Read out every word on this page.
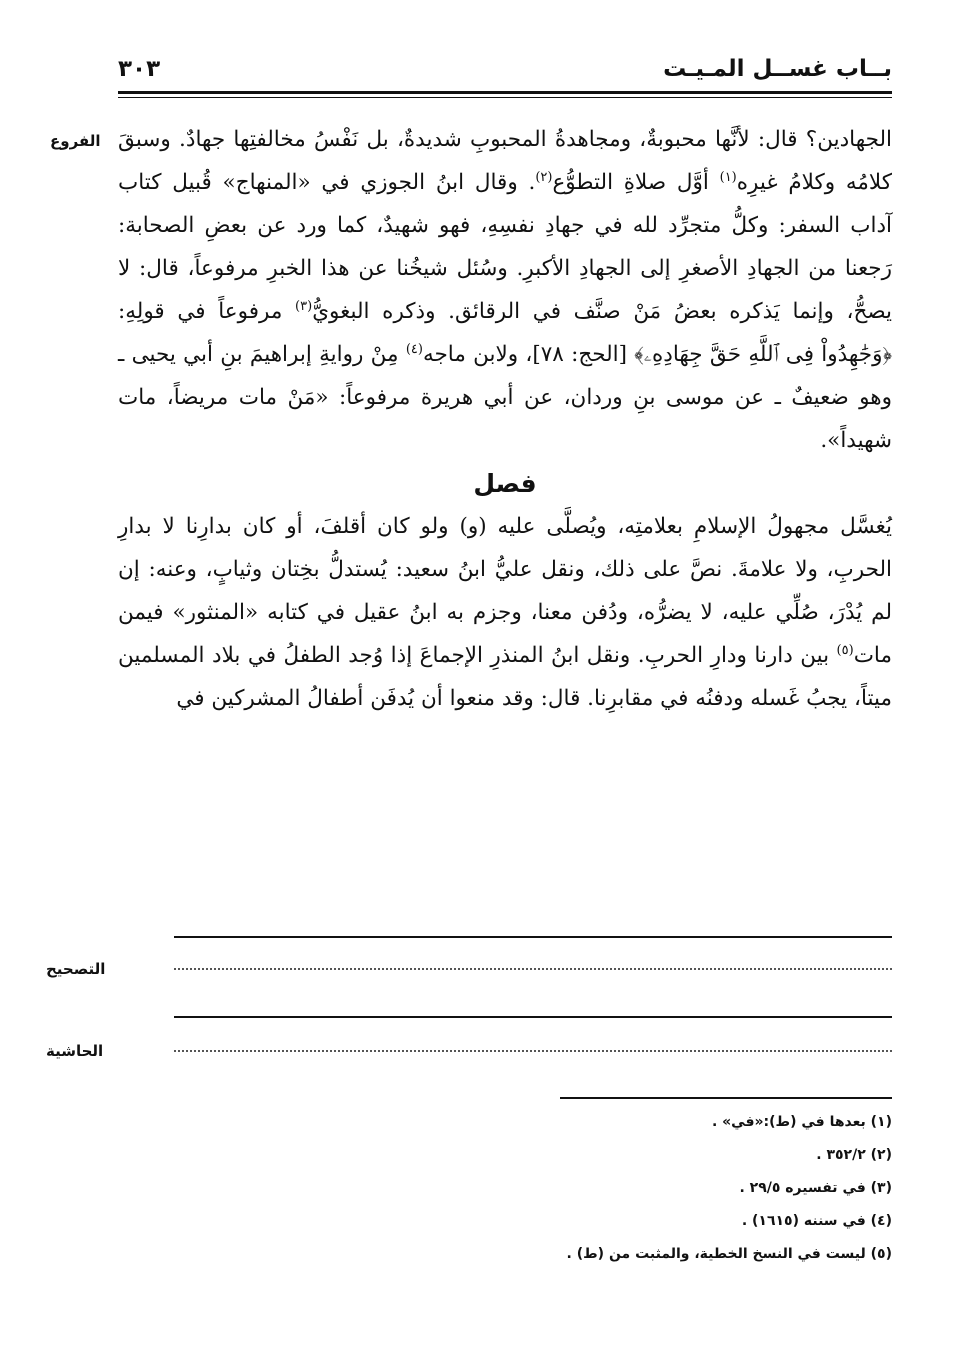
بــاب غســل المـيـت
٣٠٣
الفروع	الجهادين؟ قال: لأنَّها محبوبةٌ، ومجاهدةُ المحبوبِ شديدةٌ، بل نَفْسُ مخالفتِها جهادٌ. وسبقَ كلامُه وكلامُ غيرِه$^{(١)}$ أوَّل صلاةِ التطوُّع$^{(٢)}$. وقال ابنُ الجوزي في «المنهاج» قُبيل كتاب آداب السفر: وكلُّ متجرِّد لله في جهادِ نفسِهِ، فهو شهيدٌ، كما ورد عن بعضِ الصحابة: رَجعنا من الجهادِ الأصغرِ إلى الجهادِ الأكبرِ. وسُئل شيخُنا عن هذا الخبرِ مرفوعاً، قال: لا يصحُّ، وإنما يَذكره بعضُ مَنْ صنَّف في الرقائق. وذكره البغويُّ$^{(٣)}$ مرفوعاً في قولِهِ: ﴿وَجَٰهِدُواْ فِى ٱللَّهِ حَقَّ جِهَادِهِۦ﴾ [الحج: ٧٨]، ولابن ماجه$^{(٤)}$ مِنْ روايةِ إبراهيمَ بنِ أبي يحيى ـ وهو ضعيفٌ ـ عن موسى بنِ وردان، عن أبي هريرة مرفوعاً: «مَنْ مات مريضاً، مات شهيداً».

فصل

يُغسَّل مجهولُ الإسلامِ بعلامتِه، ويُصلَّى عليه (و) ولو كان أقلفَ، أو كان بدارِنا لا بدارِ الحربِ، ولا علامةَ. نصَّ على ذلك، ونقل عليُّ ابنُ سعيد: يُستدلُّ بخِتان وثيابٍ، وعنه: إن لم يُدْرَ، صُلِّي عليه، لا يضرُّه، ودُفن معنا، وجزم به ابنُ عقيل في كتابه «المنثور» فيمن مات$^{(٥)}$ بين دارنا ودارِ الحربِ. ونقل ابنُ المنذرِ الإجماعَ إذا وُجد الطفلُ في بلاد المسلمين ميتاً، يجبُ غَسله ودفنُه في مقابرِنا. قال: وقد منعوا أن يُدفَن أطفالُ المشركين في

التصحيح
الحاشية
(١) بعدها في (ط):«في» .
(٢) ٣٥٢/٢ .
(٣) في تفسيره ٢٩/٥ .
(٤) في سننه (١٦١٥) .
(٥) ليست في النسخ الخطية، والمثبت من (ط) .
